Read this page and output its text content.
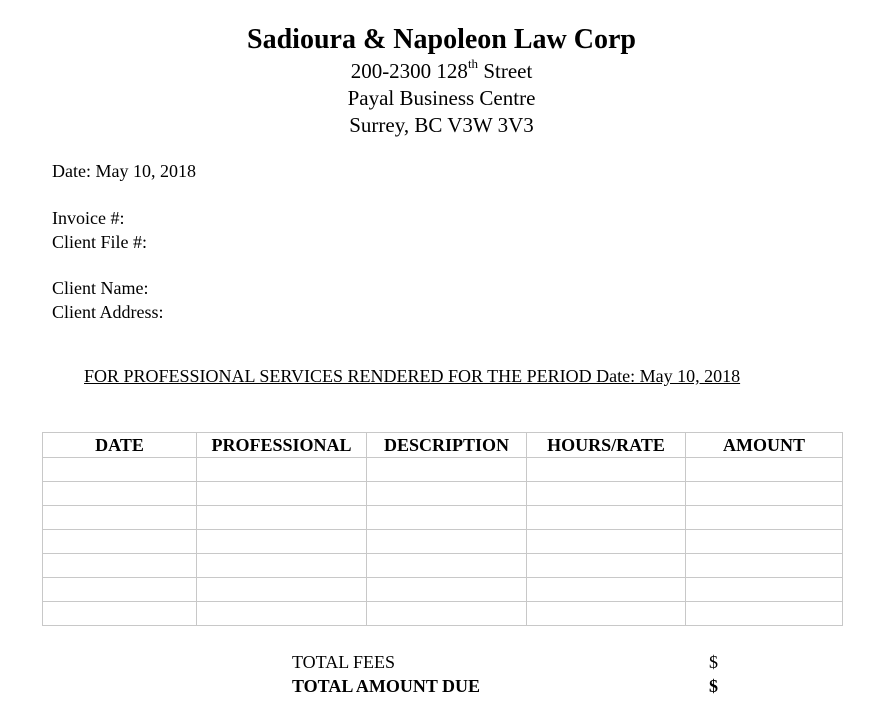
Sadioura & Napoleon Law Corp
200-2300 128th Street
Payal Business Centre
Surrey, BC V3W 3V3
Date: May 10, 2018
Invoice #:
Client File #:
Client Name:
Client Address:
FOR PROFESSIONAL SERVICES RENDERED FOR THE PERIOD Date: May 10, 2018
DATE	PROFESSIONAL	DESCRIPTION	HOURS/RATE	AMOUNT

TOTAL FEES	$
TOTAL AMOUNT DUE	$
